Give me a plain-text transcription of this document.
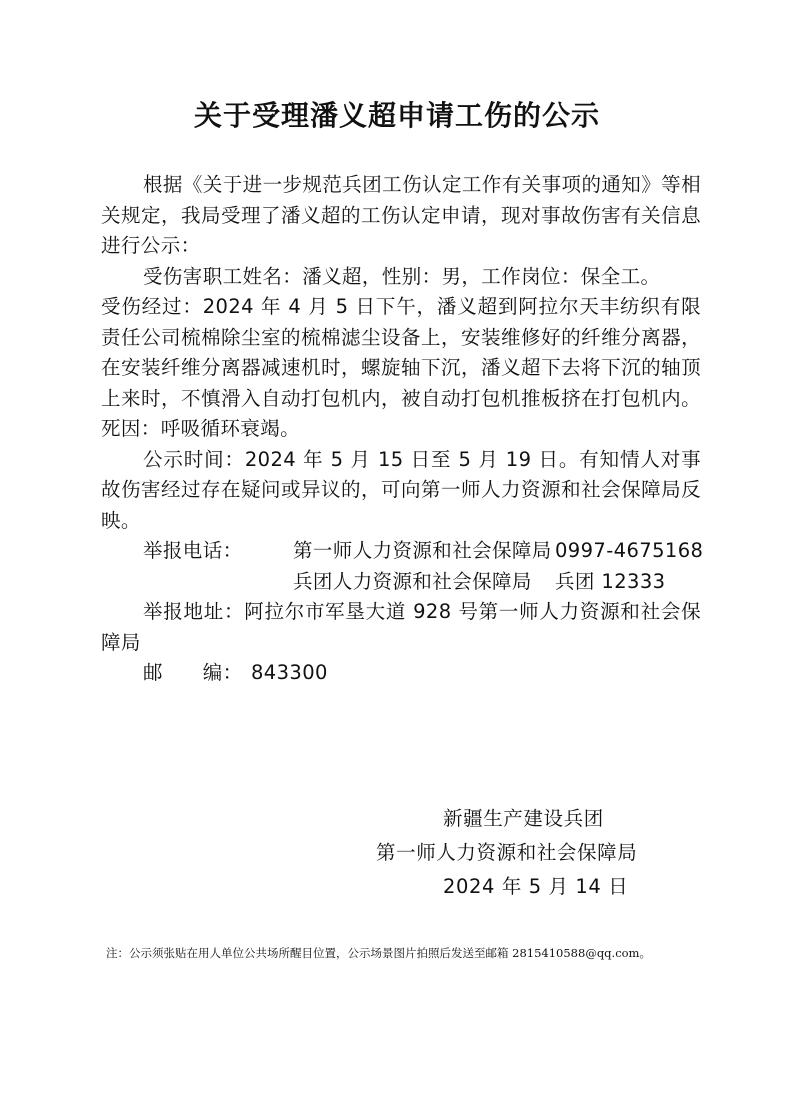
关于受理潘义超申请工伤的公示

根据《关于进一步规范兵团工伤认定工作有关事项的通知》等相关规定，我局受理了潘义超的工伤认定申请，现对事故伤害有关信息进行公示：

受伤害职工姓名：潘义超，性别：男，工作岗位：保全工。

受伤经过：2024 年 4 月 5 日下午，潘义超到阿拉尔天丰纺织有限责任公司梳棉除尘室的梳棉滤尘设备上，安装维修好的纤维分离器，在安装纤维分离器减速机时，螺旋轴下沉，潘义超下去将下沉的轴顶上来时，不慎滑入自动打包机内，被自动打包机推板挤在打包机内。死因：呼吸循环衰竭。

公示时间：2024 年 5 月 15 日至 5 月 19 日。有知情人对事故伤害经过存在疑问或异议的，可向第一师人力资源和社会保障局反映。

举报电话：	第一师人力资源和社会保障局 0997-4675168
兵团人力资源和社会保障局	兵团 12333

举报地址：阿拉尔市军垦大道 928 号第一师人力资源和社会保障局

邮　　编： 843300
新疆生产建设兵团
第一师人力资源和社会保障局
2024 年 5 月 14 日
注：公示须张贴在用人单位公共场所醒目位置，公示场景图片拍照后发送至邮箱 2815410588@qq.com。
